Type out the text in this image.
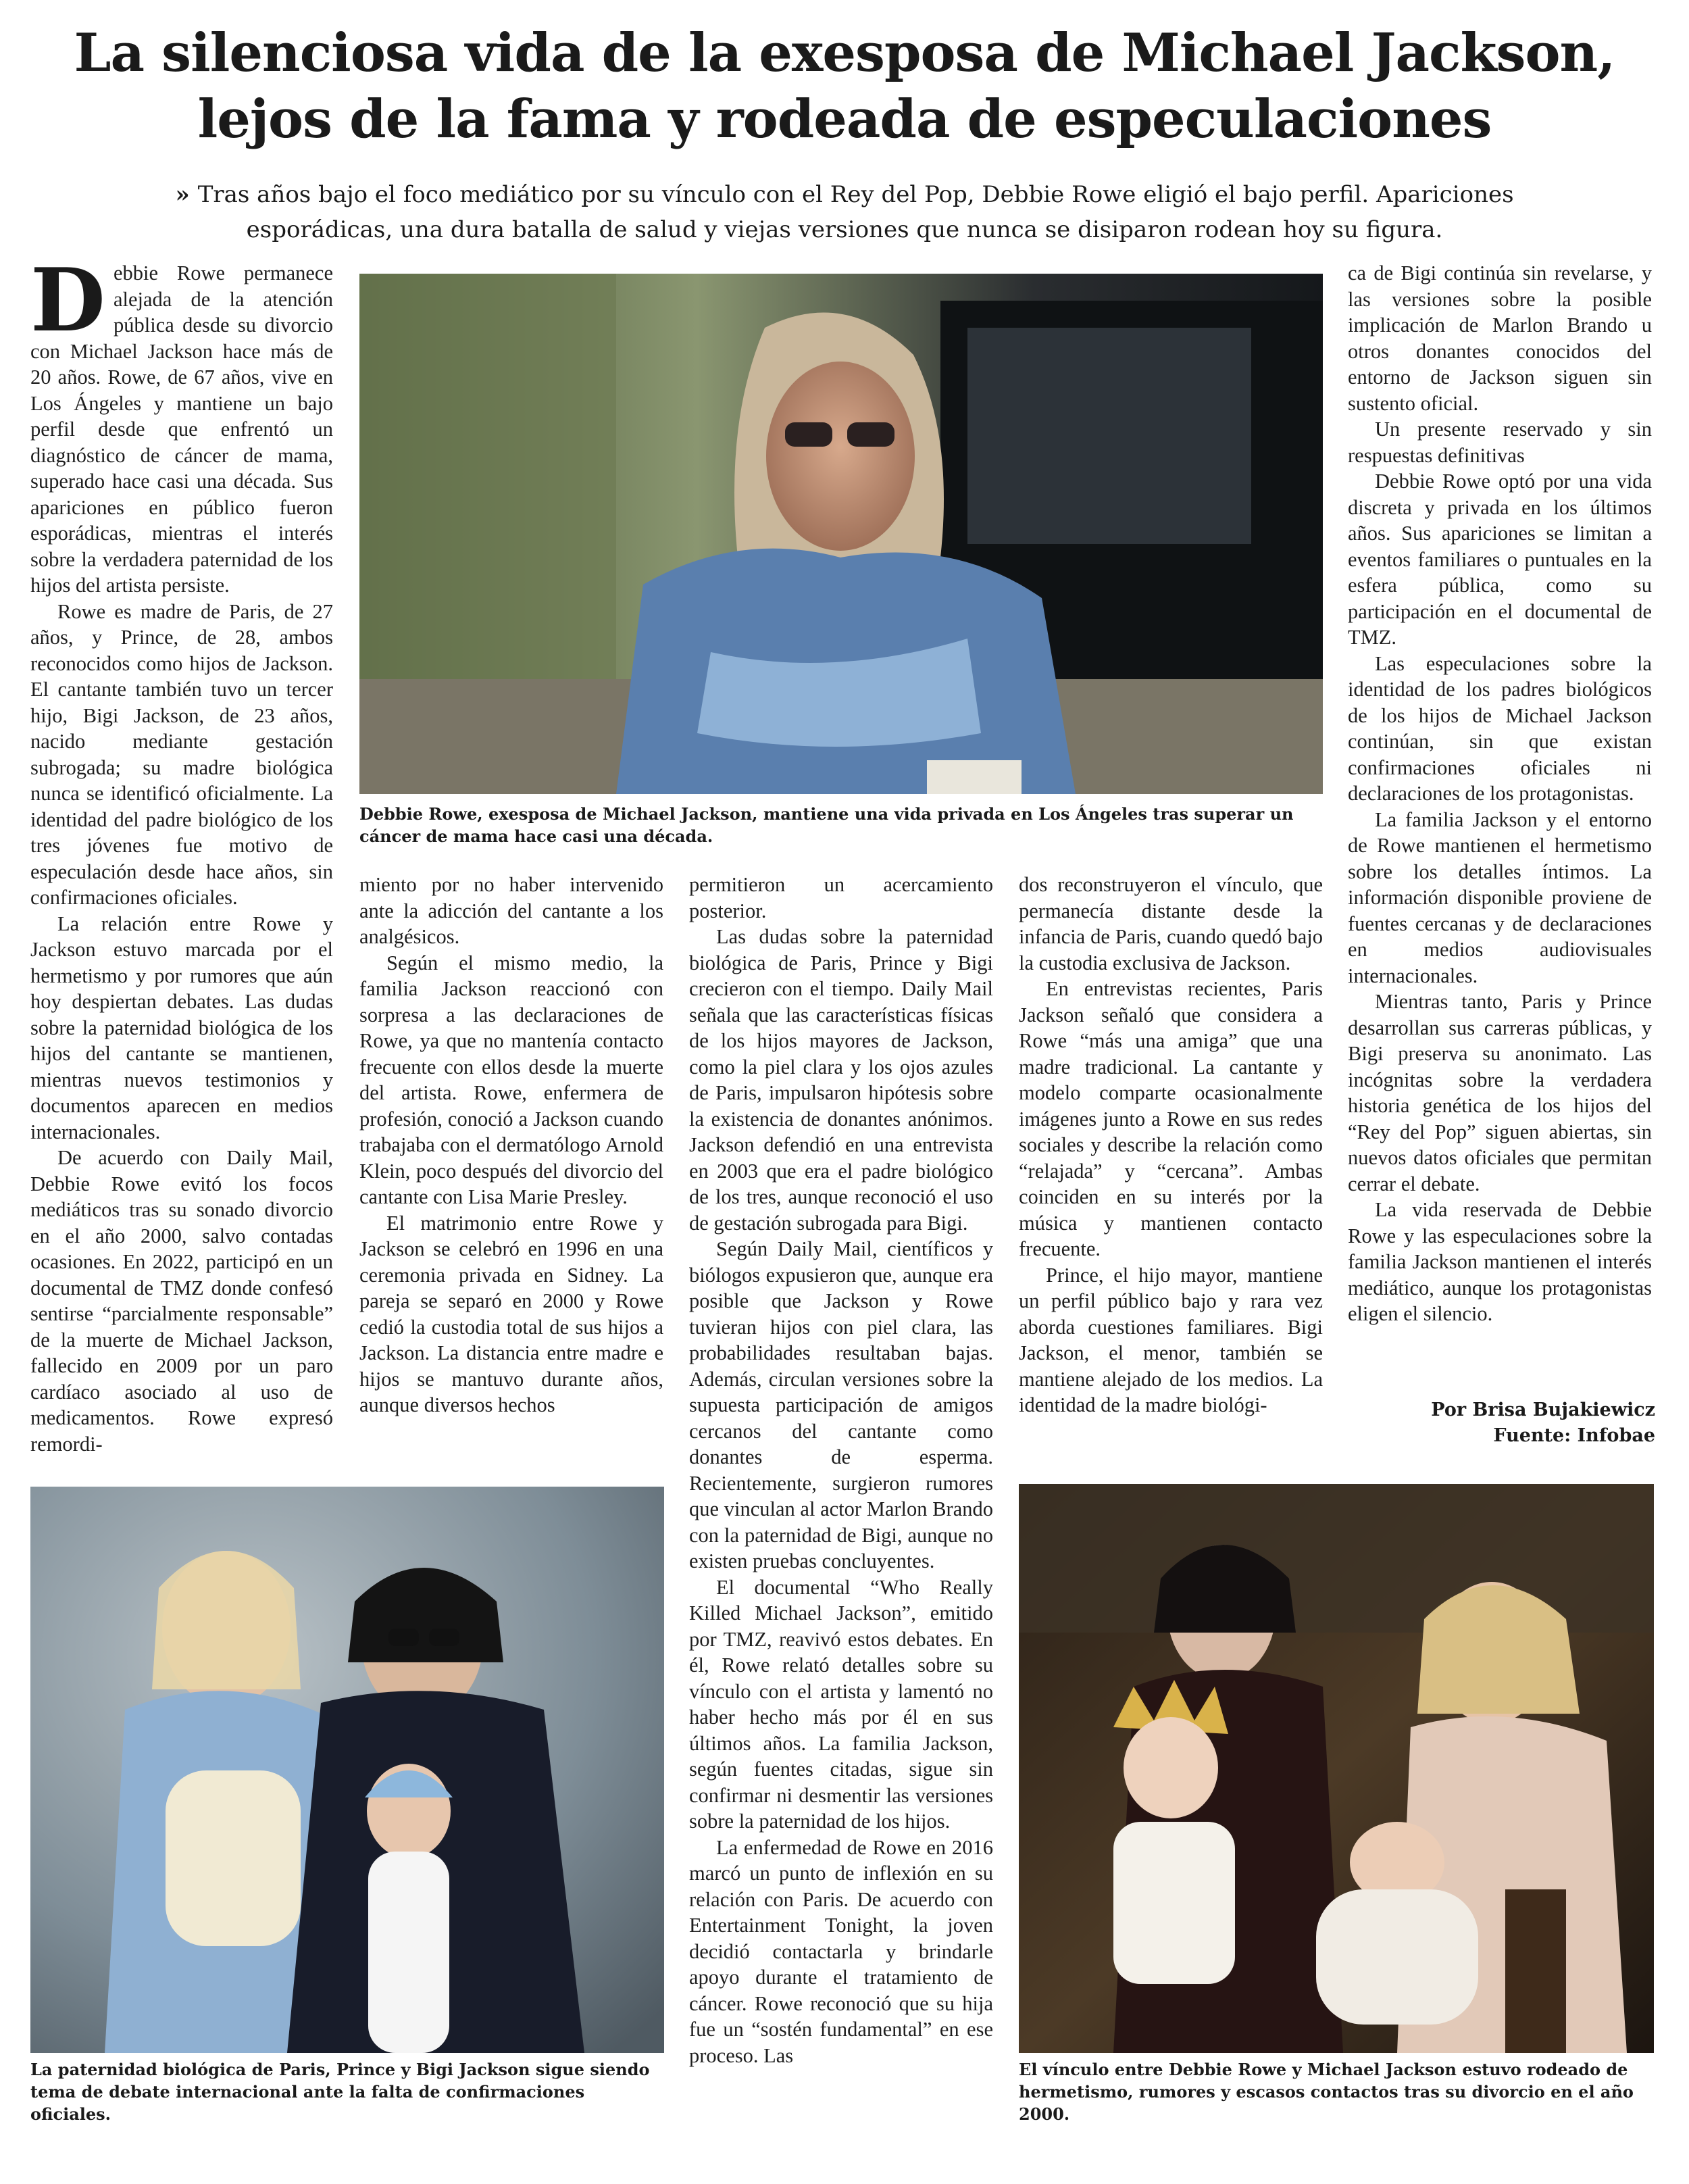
La silenciosa vida de la exesposa de Michael Jackson, lejos de la fama y rodeada de especulaciones
» Tras años bajo el foco mediático por su vínculo con el Rey del Pop, Debbie Rowe eligió el bajo perfil. Apariciones esporádicas, una dura batalla de salud y viejas versiones que nunca se disiparon rodean hoy su figura.

Debbie Rowe permanece alejada de la atención pública desde su divorcio con Michael Jackson hace más de 20 años. Rowe, de 67 años, vive en Los Ángeles y mantiene un bajo perfil desde que enfrentó un diagnóstico de cáncer de mama, superado hace casi una década. Sus apariciones en público fueron esporádicas, mientras el interés sobre la verdadera paternidad de los hijos del artista persiste.

Rowe es madre de Paris, de 27 años, y Prince, de 28, ambos reconocidos como hijos de Jackson. El cantante también tuvo un tercer hijo, Bigi Jackson, de 23 años, nacido mediante gestación subrogada; su madre biológica nunca se identificó oficialmente. La identidad del padre biológico de los tres jóvenes fue motivo de especulación desde hace años, sin confirmaciones oficiales.

La relación entre Rowe y Jackson estuvo marcada por el hermetismo y por rumores que aún hoy despiertan debates. Las dudas sobre la paternidad biológica de los hijos del cantante se mantienen, mientras nuevos testimonios y documentos aparecen en medios internacionales.

De acuerdo con Daily Mail, Debbie Rowe evitó los focos mediáticos tras su sonado divorcio en el año 2000, salvo contadas ocasiones. En 2022, participó en un documental de TMZ donde confesó sentirse “parcialmente responsable” de la muerte de Michael Jackson, fallecido en 2009 por un paro cardíaco asociado al uso de medicamentos. Rowe expresó remordi-

Debbie Rowe, exesposa de Michael Jackson, mantiene una vida privada en Los Ángeles tras superar un cáncer de mama hace casi una década.

miento por no haber intervenido ante la adicción del cantante a los analgésicos.

Según el mismo medio, la familia Jackson reaccionó con sorpresa a las declaraciones de Rowe, ya que no mantenía contacto frecuente con ellos desde la muerte del artista. Rowe, enfermera de profesión, conoció a Jackson cuando trabajaba con el dermatólogo Arnold Klein, poco después del divorcio del cantante con Lisa Marie Presley.

El matrimonio entre Rowe y Jackson se celebró en 1996 en una ceremonia privada en Sidney. La pareja se separó en 2000 y Rowe cedió la custodia total de sus hijos a Jackson. La distancia entre madre e hijos se mantuvo durante años, aunque diversos hechos

permitieron un acercamiento posterior.

Las dudas sobre la paternidad biológica de Paris, Prince y Bigi crecieron con el tiempo. Daily Mail señala que las características físicas de los hijos mayores de Jackson, como la piel clara y los ojos azules de Paris, impulsaron hipótesis sobre la existencia de donantes anónimos. Jackson defendió en una entrevista en 2003 que era el padre biológico de los tres, aunque reconoció el uso de gestación subrogada para Bigi.

Según Daily Mail, científicos y biólogos expusieron que, aunque era posible que Jackson y Rowe tuvieran hijos con piel clara, las probabilidades resultaban bajas. Además, circulan versiones sobre la supuesta participación de amigos cercanos del cantante como donantes de esperma. Recientemente, surgieron rumores que vinculan al actor Marlon Brando con la paternidad de Bigi, aunque no existen pruebas concluyentes.

El documental “Who Really Killed Michael Jackson”, emitido por TMZ, reavivó estos debates. En él, Rowe relató detalles sobre su vínculo con el artista y lamentó no haber hecho más por él en sus últimos años. La familia Jackson, según fuentes citadas, sigue sin confirmar ni desmentir las versiones sobre la paternidad de los hijos.

La enfermedad de Rowe en 2016 marcó un punto de inflexión en su relación con Paris. De acuerdo con Entertainment Tonight, la joven decidió contactarla y brindarle apoyo durante el tratamiento de cáncer. Rowe reconoció que su hija fue un “sostén fundamental” en ese proceso. Las

dos reconstruyeron el vínculo, que permanecía distante desde la infancia de Paris, cuando quedó bajo la custodia exclusiva de Jackson.

En entrevistas recientes, Paris Jackson señaló que considera a Rowe “más una amiga” que una madre tradicional. La cantante y modelo comparte ocasionalmente imágenes junto a Rowe en sus redes sociales y describe la relación como “relajada” y “cercana”. Ambas coinciden en su interés por la música y mantienen contacto frecuente.

Prince, el hijo mayor, mantiene un perfil público bajo y rara vez aborda cuestiones familiares. Bigi Jackson, el menor, también se mantiene alejado de los medios. La identidad de la madre biológi-

ca de Bigi continúa sin revelarse, y las versiones sobre la posible implicación de Marlon Brando u otros donantes conocidos del entorno de Jackson siguen sin sustento oficial.

Un presente reservado y sin respuestas definitivas

Debbie Rowe optó por una vida discreta y privada en los últimos años. Sus apariciones se limitan a eventos familiares o puntuales en la esfera pública, como su participación en el documental de TMZ.

Las especulaciones sobre la identidad de los padres biológicos de los hijos de Michael Jackson continúan, sin que existan confirmaciones oficiales ni declaraciones de los protagonistas.

La familia Jackson y el entorno de Rowe mantienen el hermetismo sobre los detalles íntimos. La información disponible proviene de fuentes cercanas y de declaraciones en medios audiovisuales internacionales.

Mientras tanto, Paris y Prince desarrollan sus carreras públicas, y Bigi preserva su anonimato. Las incógnitas sobre la verdadera historia genética de los hijos del “Rey del Pop” siguen abiertas, sin nuevos datos oficiales que permitan cerrar el debate.

La vida reservada de Debbie Rowe y las especulaciones sobre la familia Jackson mantienen el interés mediático, aunque los protagonistas eligen el silencio.

Por Brisa Bujakiewicz
Fuente: Infobae
La paternidad biológica de Paris, Prince y Bigi Jackson sigue siendo tema de debate internacional ante la falta de confirmaciones oficiales.
El vínculo entre Debbie Rowe y Michael Jackson estuvo rodeado de hermetismo, rumores y escasos contactos tras su divorcio en el año 2000.
